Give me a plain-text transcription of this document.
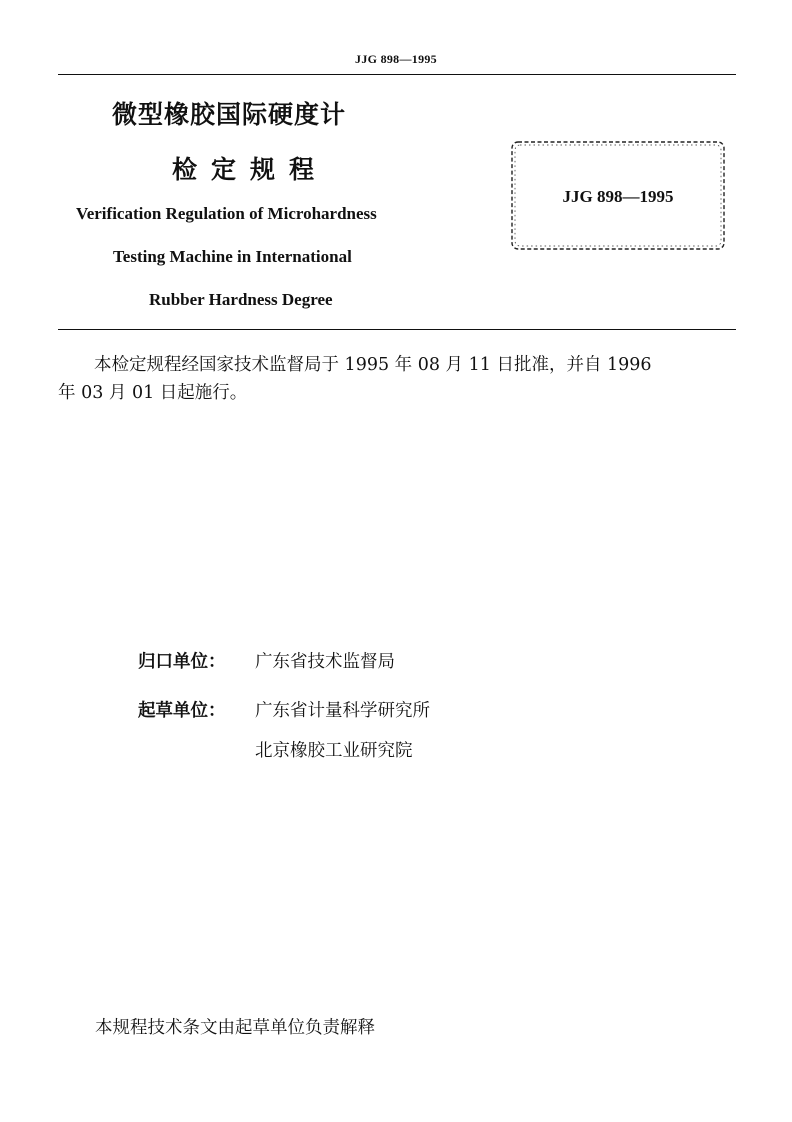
JJG 898—1995
微型橡胶国际硬度计
检定规程
Verification Regulation of Microhardness
Testing Machine in International
Rubber Hardness Degree
JJG 898—1995
本检定规程经国家技术监督局于 1995 年 08 月 11 日批准，并自 1996
年 03 月 01 日起施行。
归口单位： 广东省技术监督局
起草单位： 广东省计量科学研究所
北京橡胶工业研究院
本规程技术条文由起草单位负责解释
